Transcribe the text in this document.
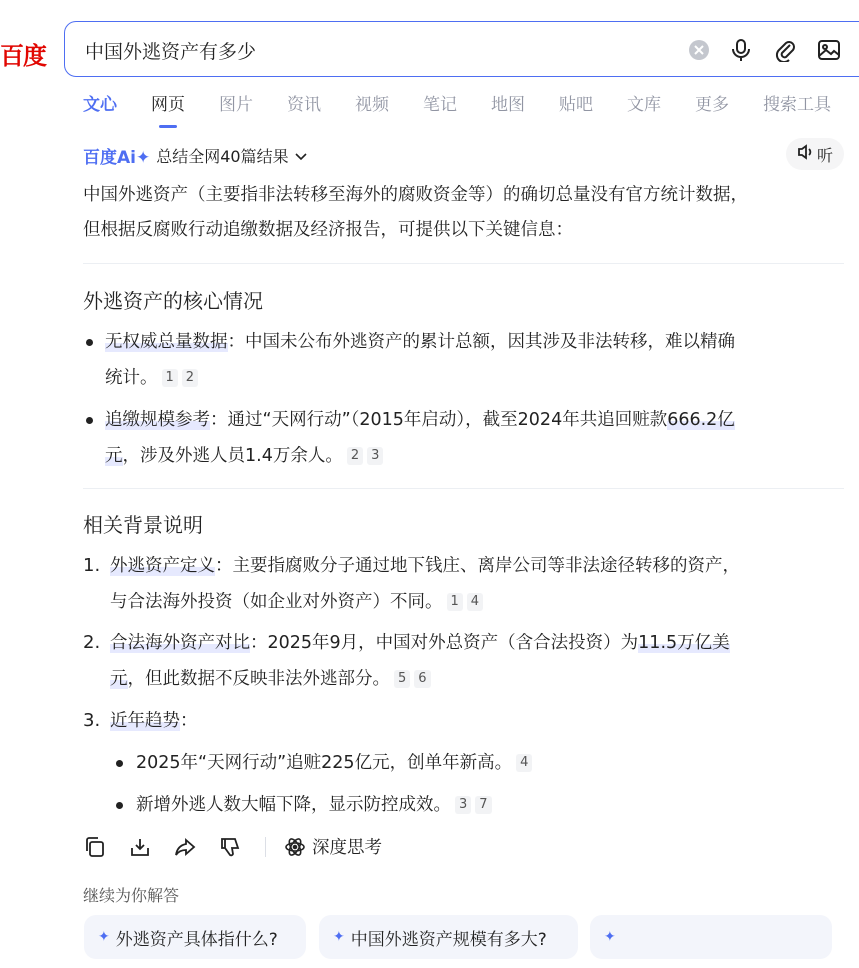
百度
中国外逃资产有多少
文心 网页 图片 资讯 视频 笔记 地图 贴吧 文库 更多 搜索工具
百度Ai✦ 总结全网40篇结果	听
中国外逃资产（主要指非法转移至海外的腐败资金等）的确切总量没有官方统计数据，
但根据反腐败行动追缴数据及经济报告，可提供以下关键信息：
外逃资产的核心情况
无权威总量数据：中国未公布外逃资产的累计总额，因其涉及非法转移，难以精确
统计。 1 2
追缴规模参考：通过“天网行动”（2015年启动），截至2024年共追回赃款666.2亿
元，涉及外逃人员1.4万余人。 2 3
相关背景说明
1. 外逃资产定义：主要指腐败分子通过地下钱庄、离岸公司等非法途径转移的资产，
与合法海外投资（如企业对外资产）不同。 1 4
2. 合法海外资产对比：2025年9月，中国对外总资产（含合法投资）为11.5万亿美
元，但此数据不反映非法外逃部分。 5 6
3. 近年趋势：
2025年“天网行动”追赃225亿元，创单年新高。 4
新增外逃人数大幅下降，显示防控成效。 3 7
深度思考
继续为你解答
✦ 外逃资产具体指什么?	✦ 中国外逃资产规模有多大?	✦
